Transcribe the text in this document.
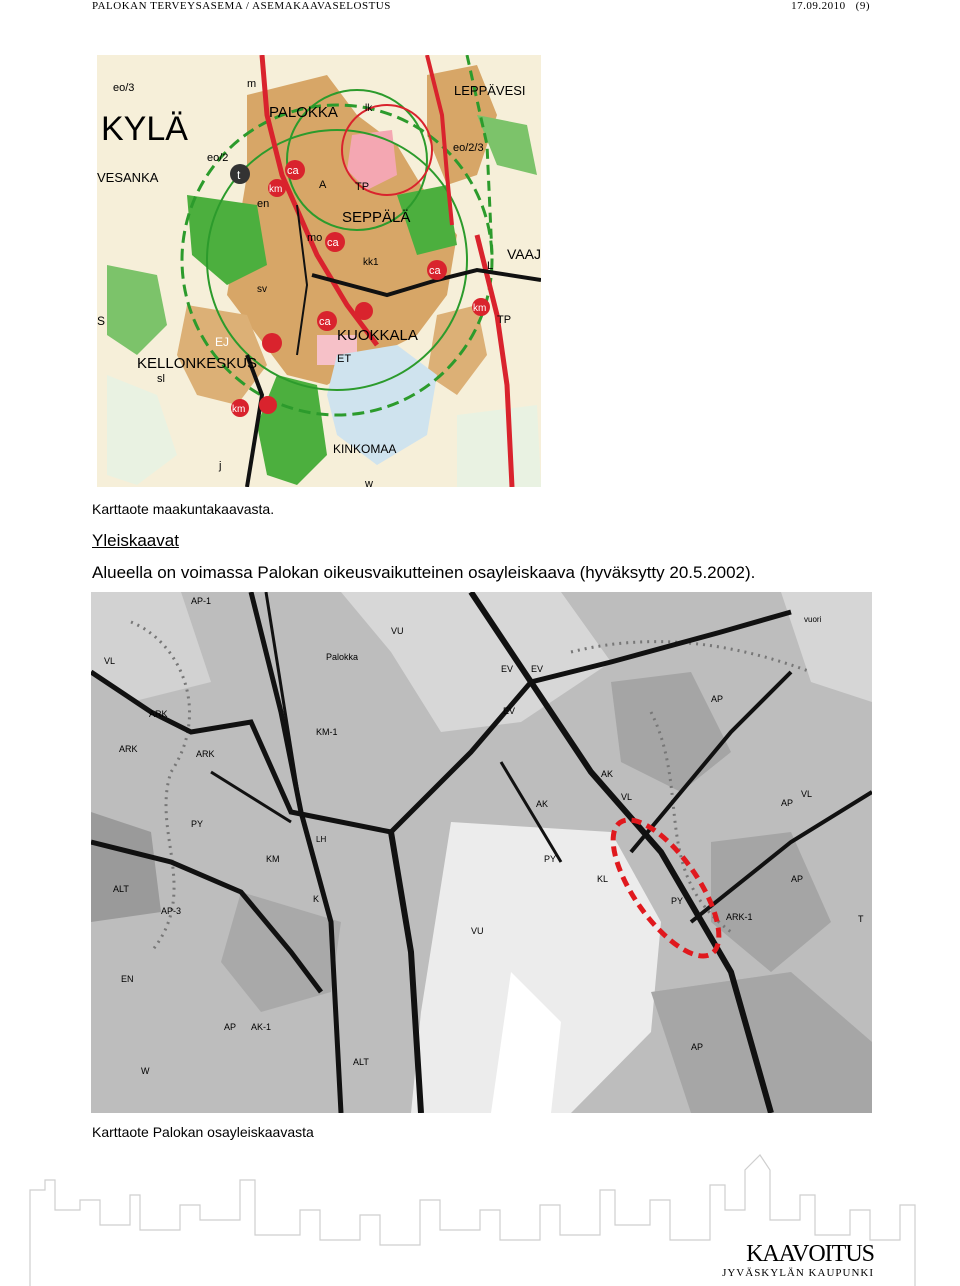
PALOKAN TERVEYSASEMA / ASEMAKAAVASELOSTUS	17.09.2010 (9)
KYLÄ	PALOKKA
LEPPÄVESI
VESANKA
SEPPÄLÄ
KUOKKALA
KELLONKESKUS
KINKOMAA
VAAJ
ca
ca
ca
ca
km
km
km
lk
t
eo/3
eo/2
eo/2/3
m
A	TP
TP
sl
en
mo
sv
kk1
EJ
ET
S
L
w
j
Karttaote maakuntakaavasta.
Yleiskaavat
Alueella on voimassa Palokan oikeusvaikutteinen osayleiskaava (hyväksytty 20.5.2002).
AP-1
VL
VU
Palokka
ARK
ARK	ARK
PY
KM-1
KM
EV EV
EV
AK
AK
K
KL
ALT
ALT
AP-3
EN
AP AK-1
VU
PY
PY
ARK-1
AP
AP
AP
AP
VL
VL
T
LH
W
vuori
Karttaote Palokan osayleiskaavasta
KAAVOITUS
JYVÄSKYLÄN KAUPUNKI
